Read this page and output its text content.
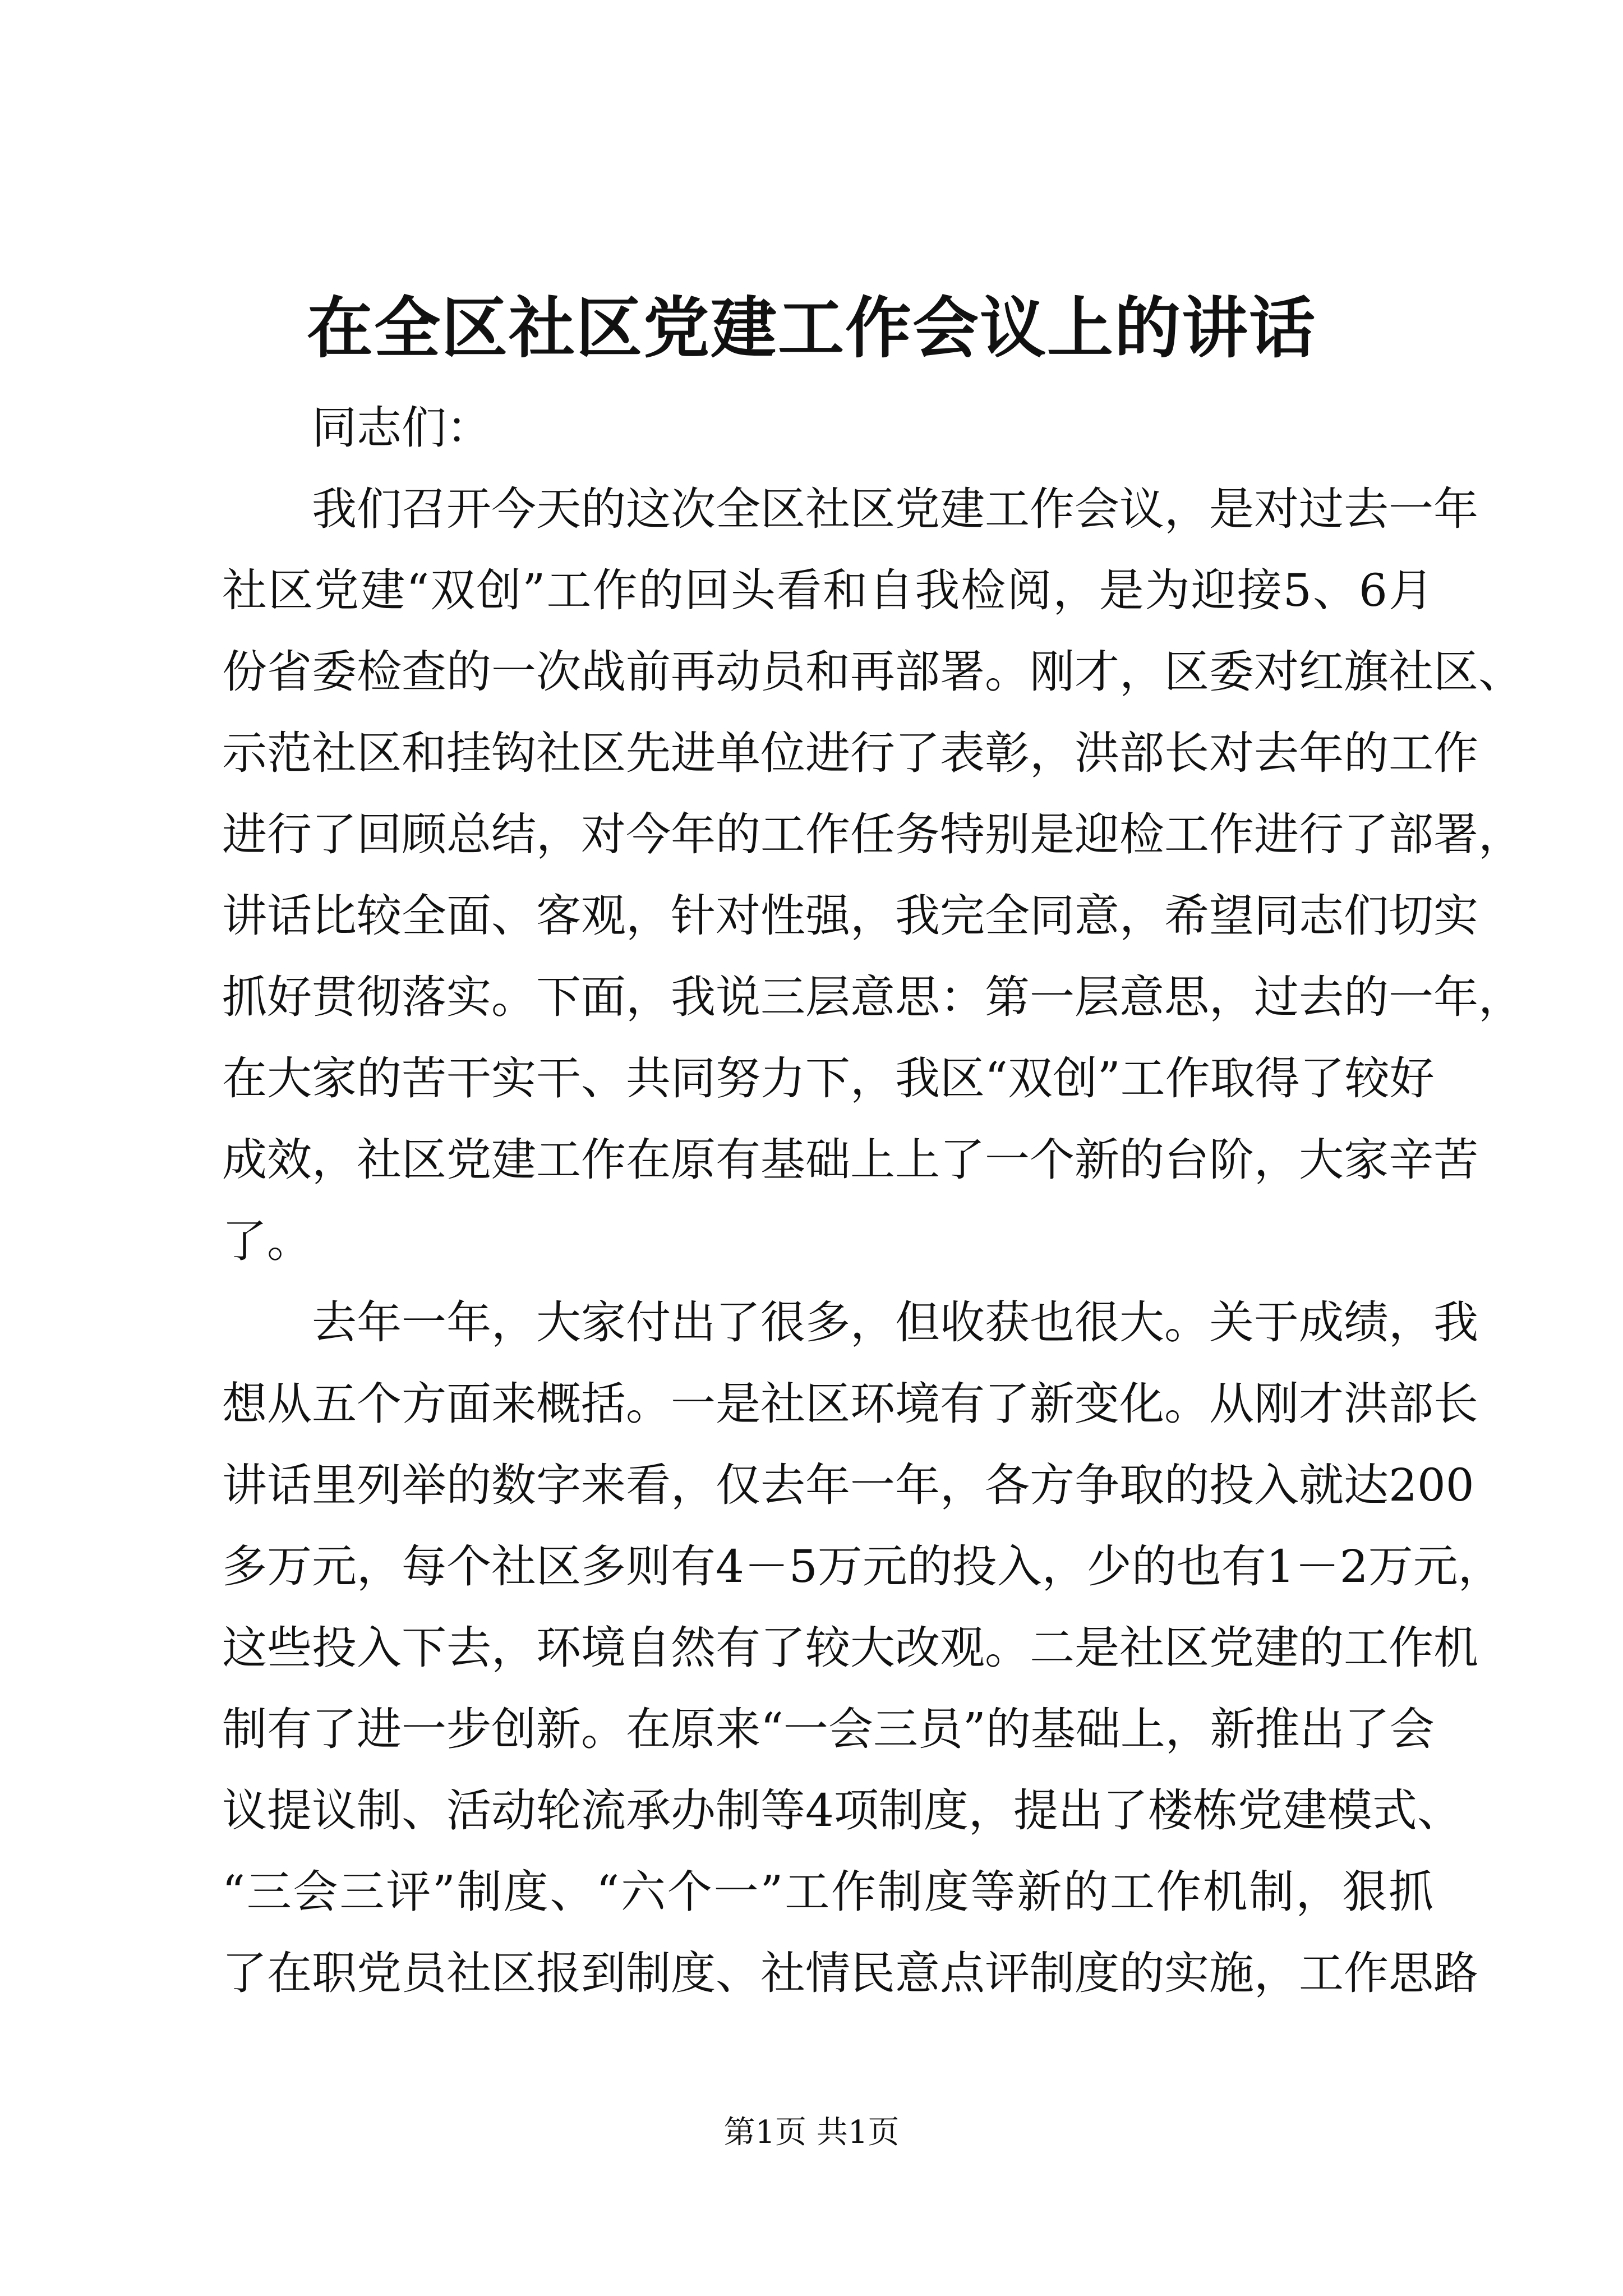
在全区社区党建工作会议上的讲话
同志们：
我们召开今天的这次全区社区党建工作会议，是对过去一年
社区党建“双创”工作的回头看和自我检阅，是为迎接5、6月
份省委检查的一次战前再动员和再部署。刚才，区委对红旗社区、
示范社区和挂钩社区先进单位进行了表彰，洪部长对去年的工作
进行了回顾总结，对今年的工作任务特别是迎检工作进行了部署，
讲话比较全面、客观，针对性强，我完全同意，希望同志们切实
抓好贯彻落实。下面，我说三层意思：第一层意思，过去的一年，
在大家的苦干实干、共同努力下，我区“双创”工作取得了较好
成效，社区党建工作在原有基础上上了一个新的台阶，大家辛苦
了。
去年一年，大家付出了很多，但收获也很大。关于成绩，我
想从五个方面来概括。一是社区环境有了新变化。从刚才洪部长
讲话里列举的数字来看，仅去年一年，各方争取的投入就达200
多万元，每个社区多则有4－5万元的投入，少的也有1－2万元，
这些投入下去，环境自然有了较大改观。二是社区党建的工作机
制有了进一步创新。在原来“一会三员”的基础上，新推出了会
议提议制、活动轮流承办制等4项制度，提出了楼栋党建模式、
“三会三评”制度、“六个一”工作制度等新的工作机制，狠抓
了在职党员社区报到制度、社情民意点评制度的实施，工作思路
第1页 共1页
